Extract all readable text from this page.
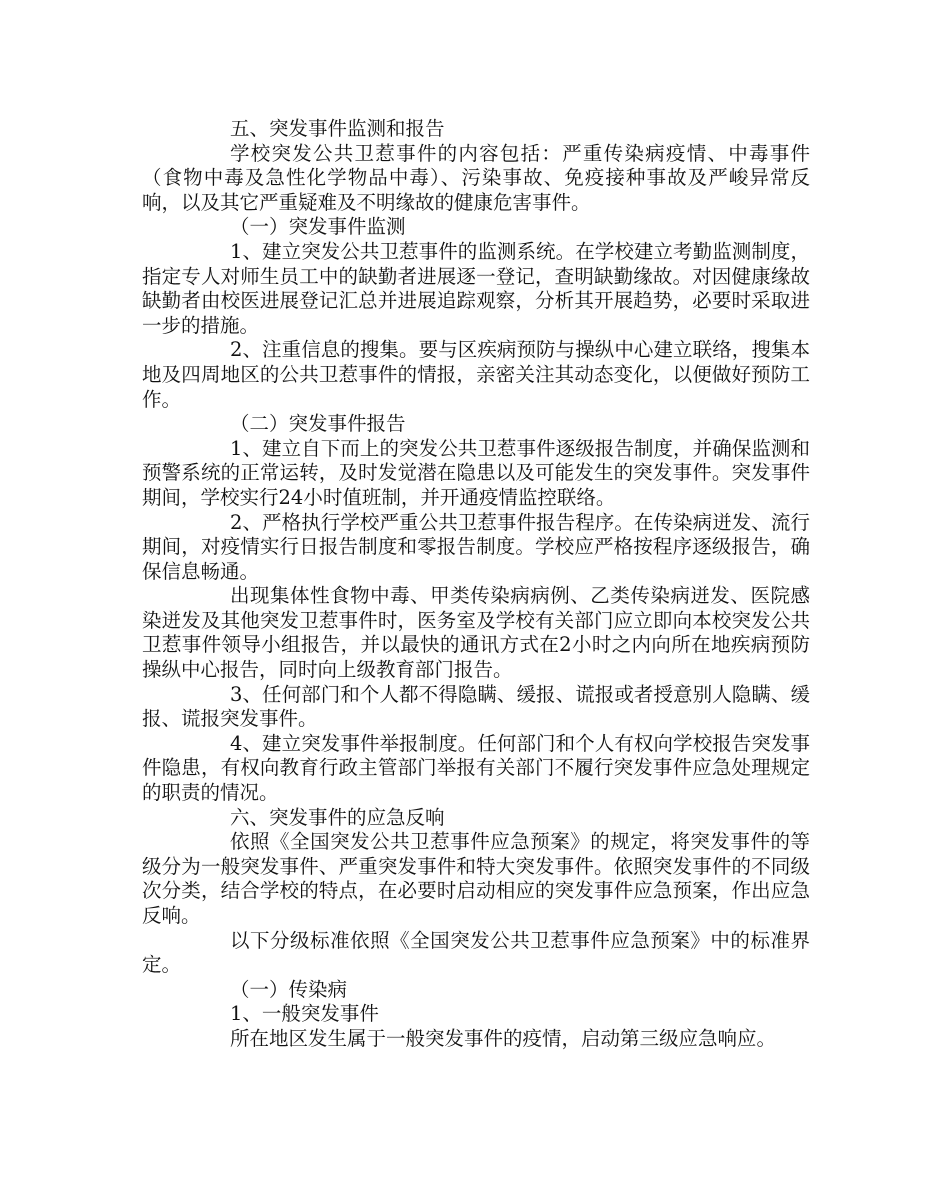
五、突发事件监测和报告

学校突发公共卫惹事件的内容包括：严重传染病疫情、中毒事件（食物中毒及急性化学物品中毒）、污染事故、免疫接种事故及严峻异常反响，以及其它严重疑难及不明缘故的健康危害事件。

（一）突发事件监测

1、建立突发公共卫惹事件的监测系统。在学校建立考勤监测制度，指定专人对师生员工中的缺勤者进展逐一登记，查明缺勤缘故。对因健康缘故缺勤者由校医进展登记汇总并进展追踪观察，分析其开展趋势，必要时采取进一步的措施。

2、注重信息的搜集。要与区疾病预防与操纵中心建立联络，搜集本地及四周地区的公共卫惹事件的情报，亲密关注其动态变化，以便做好预防工作。

（二）突发事件报告

1、建立自下而上的突发公共卫惹事件逐级报告制度，并确保监测和预警系统的正常运转，及时发觉潜在隐患以及可能发生的突发事件。突发事件期间，学校实行24小时值班制，并开通疫情监控联络。

2、严格执行学校严重公共卫惹事件报告程序。在传染病迸发、流行期间，对疫情实行日报告制度和零报告制度。学校应严格按程序逐级报告，确保信息畅通。

出现集体性食物中毒、甲类传染病病例、乙类传染病迸发、医院感染迸发及其他突发卫惹事件时，医务室及学校有关部门应立即向本校突发公共卫惹事件领导小组报告，并以最快的通讯方式在2小时之内向所在地疾病预防操纵中心报告，同时向上级教育部门报告。

3、任何部门和个人都不得隐瞒、缓报、谎报或者授意别人隐瞒、缓报、谎报突发事件。

4、建立突发事件举报制度。任何部门和个人有权向学校报告突发事件隐患，有权向教育行政主管部门举报有关部门不履行突发事件应急处理规定的职责的情况。

六、突发事件的应急反响

依照《全国突发公共卫惹事件应急预案》的规定，将突发事件的等级分为一般突发事件、严重突发事件和特大突发事件。依照突发事件的不同级次分类，结合学校的特点，在必要时启动相应的突发事件应急预案，作出应急反响。

以下分级标准依照《全国突发公共卫惹事件应急预案》中的标准界定。

（一）传染病

1、一般突发事件

所在地区发生属于一般突发事件的疫情，启动第三级应急响应。
